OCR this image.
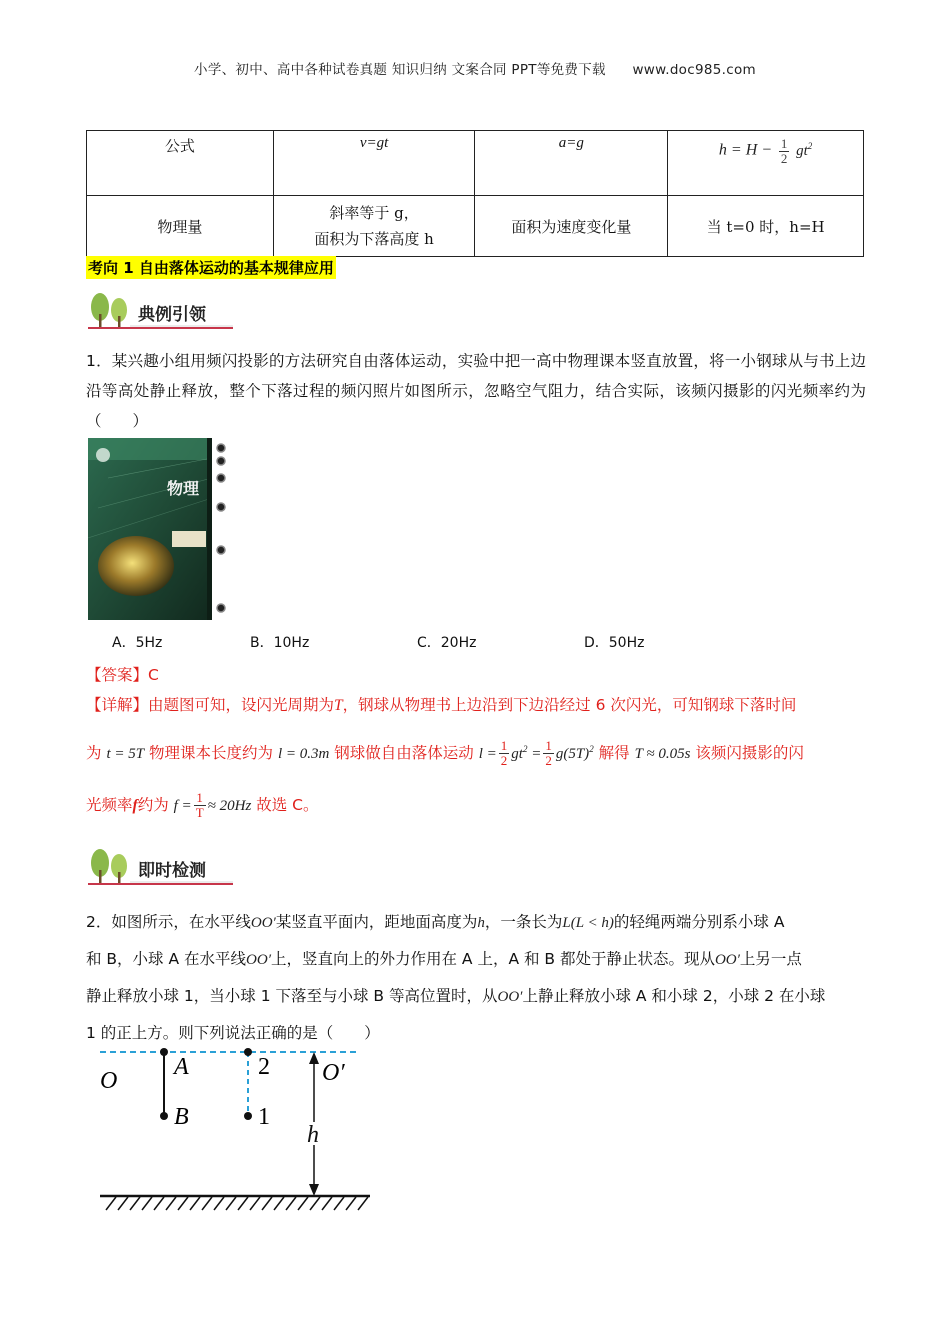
小学、初中、高中各种试卷真题 知识归纳 文案合同 PPT等免费下载 www.doc985.com
公式	v=gt	a=g	$h = H - \frac{1}{2} gt^2$
物理量	斜率等于 g，
面积为下落高度 h	面积为速度变化量	当 t=0 时，h=H
考向 1 自由落体运动的基本规律应用
典例引领
1．某兴趣小组用频闪投影的方法研究自由落体运动，实验中把一高中物理课本竖直放置，将一小钢球从与书上边沿等高处静止释放，整个下落过程的频闪照片如图所示，忽略空气阻力，结合实际，该频闪摄影的闪光频率约为（　　）
物理
A．5Hz	B．10Hz	C．20Hz	D．50Hz
【答案】C
【详解】由题图可知，设闪光周期为T，钢球从物理书上边沿到下边沿经过 6 次闪光，可知钢球下落时间
为 t = 5T 物理课本长度约为 l = 0.3m 钢球做自由落体运动 $l = \frac{1}{2} gt^2 = \frac{1}{2} g(5T)^2$ 解得 T ≈ 0.05s 该频闪摄影的闪
光频率f约为 $f = \frac{1}{T} \approx 20Hz$ 故选 C。
即时检测
2．如图所示，在水平线OO′某竖直平面内，距地面高度为h，一条长为L(L < h)的轻绳两端分别系小球 A
和 B，小球 A 在水平线OO′上，竖直向上的外力作用在 A 上，A 和 B 都处于静止状态。现从OO′上另一点
静止释放小球 1，当小球 1 下落至与小球 B 等高位置时，从OO′上静止释放小球 A 和小球 2，小球 2 在小球
1 的正上方。则下列说法正确的是（　　）
O
A
B
2
1
O′
h
